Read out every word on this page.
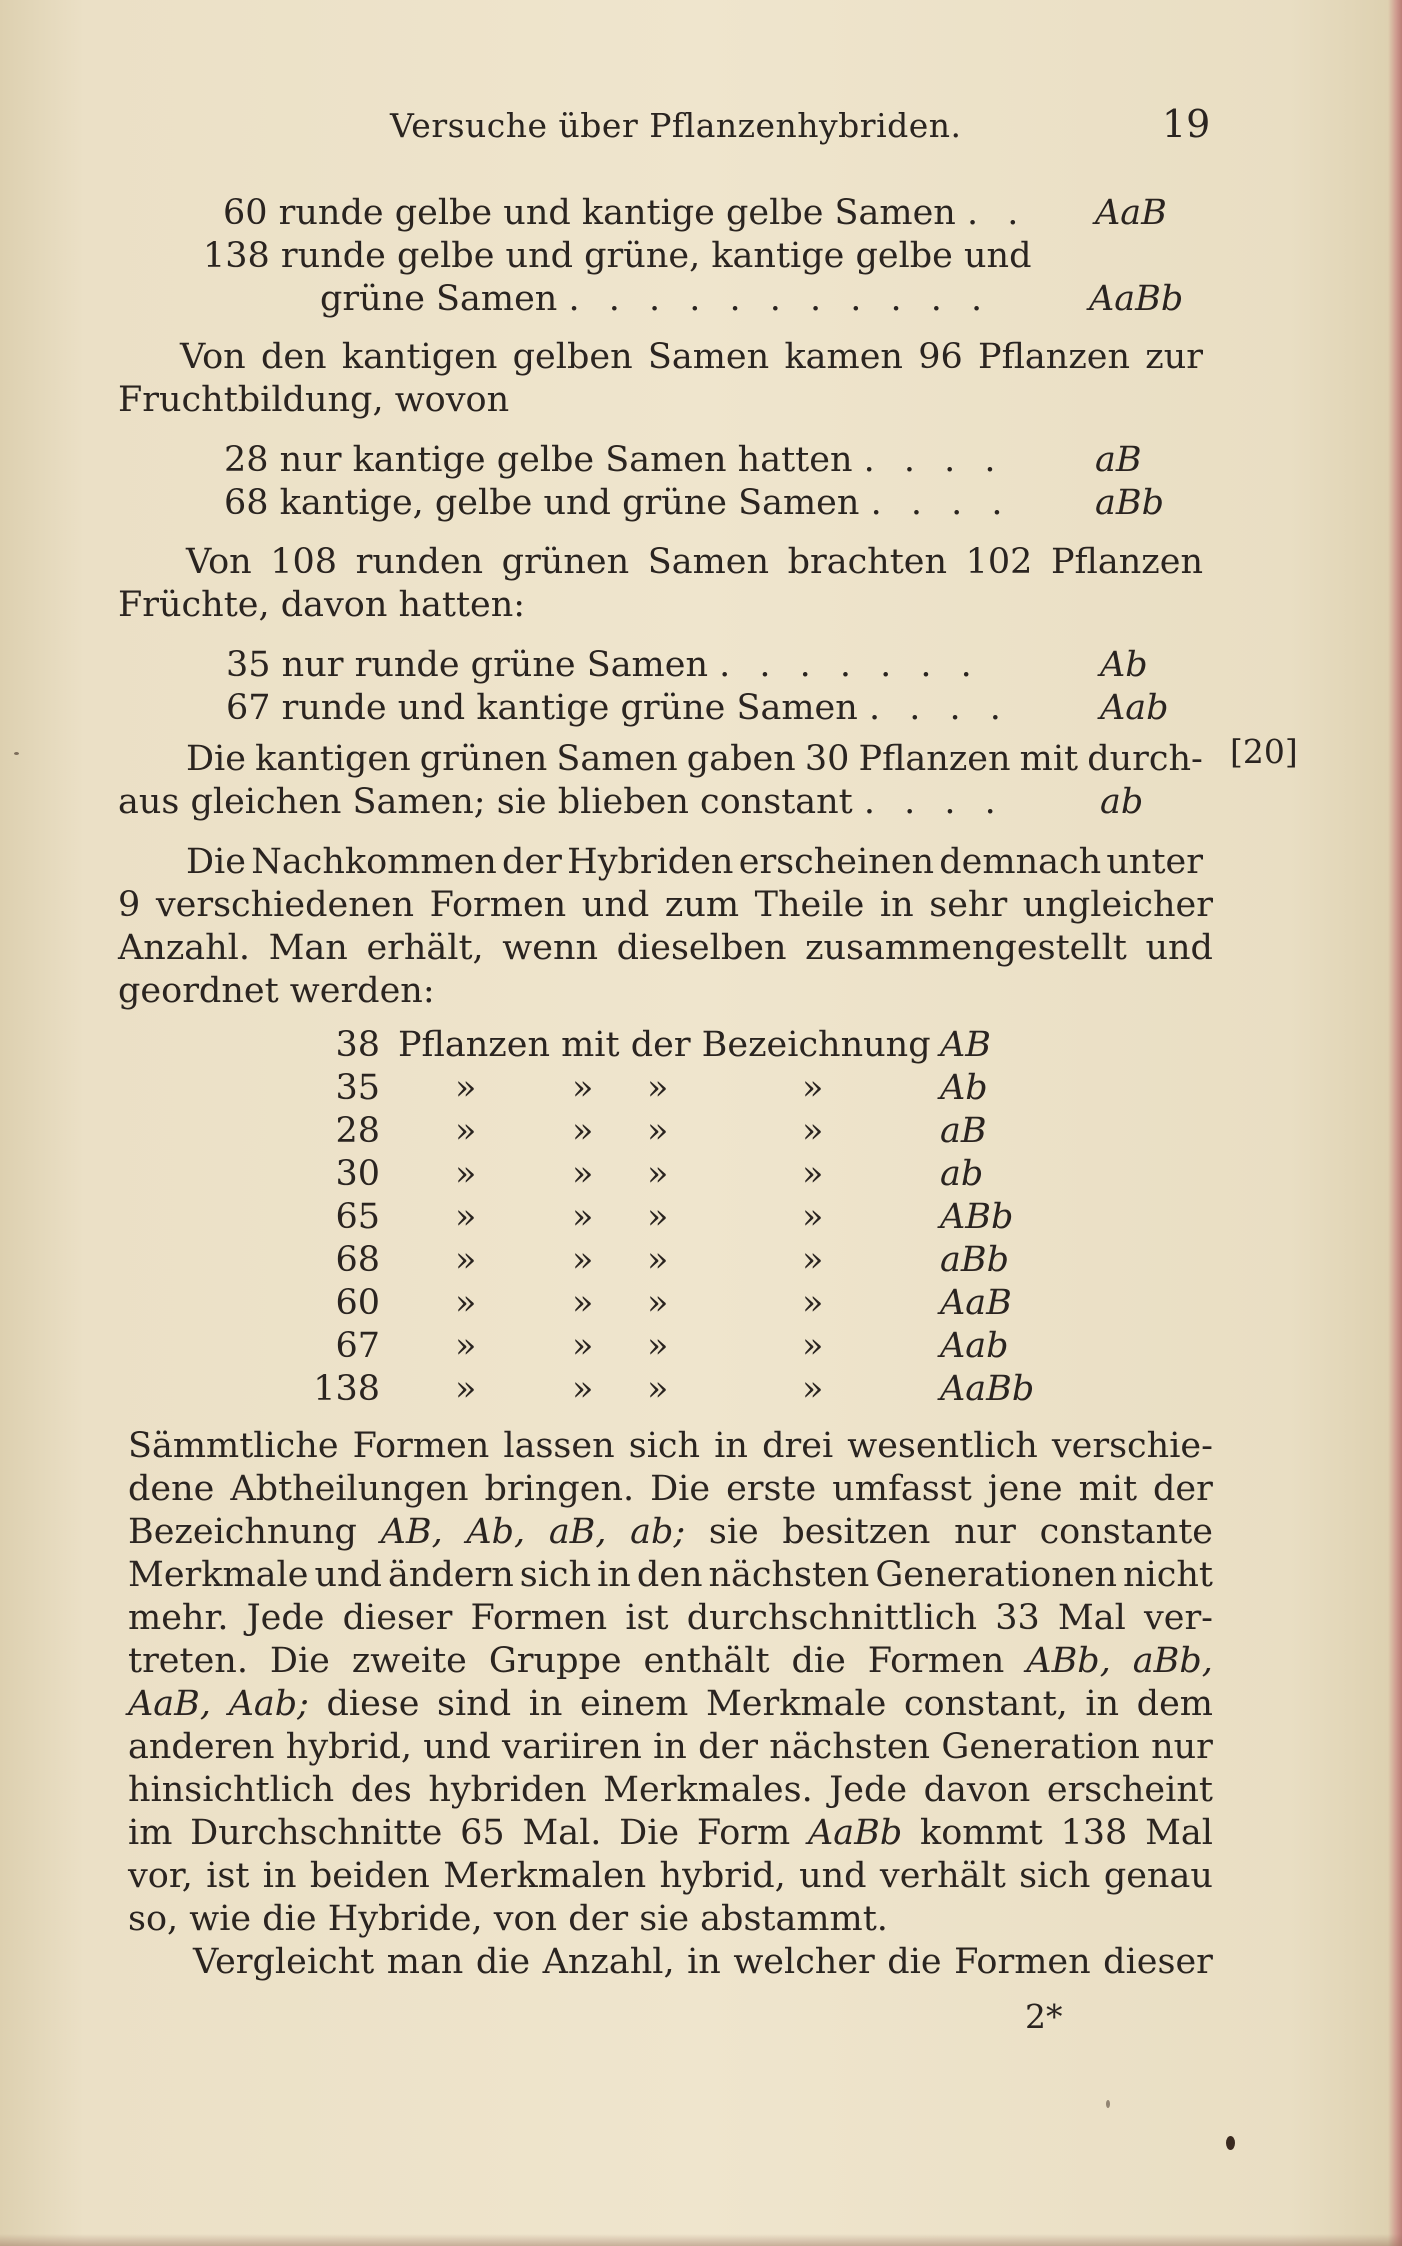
Versuche über Pflanzenhybriden.	19
60 runde gelbe und kantige gelbe Samen . . AaB
138 runde gelbe und grüne, kantige gelbe und
grüne Samen . . . . . . . . . . .	AaBb
Von den kantigen gelben Samen kamen 96 Pflanzen zur
Fruchtbildung, wovon
28 nur kantige gelbe Samen hatten . . . .	aB
68 kantige, gelbe und grüne Samen . . . . aBb
Von 108 runden grünen Samen brachten 102 Pflanzen
Früchte, davon hatten:
35 nur runde grüne Samen . . . . . . .	Ab
67 runde und kantige grüne Samen . . . .	Aab
Die kantigen grünen Samen gaben 30 Pflanzen mit durch-
aus gleichen Samen; sie blieben constant . . . .	ab
[20]
Die Nachkommen der Hybriden erscheinen demnach unter
9 verschiedenen Formen und zum Theile in sehr ungleicher
Anzahl. Man erhält, wenn dieselben zusammengestellt und
geordnet werden:
38 Pflanzen mit der Bezeichnung AB
35 »	» »	»	Ab
28 »	» »	»	aB
30 »	» »	»	ab
65 »	» »	»	ABb
68 »	» »	»	aBb
60 »	» »	»	AaB
67 »	» »	»	Aab
138 »	» »	»	AaBb
Sämmtliche Formen lassen sich in drei wesentlich verschie-
dene Abtheilungen bringen. Die erste umfasst jene mit der
Bezeichnung AB, Ab, aB, ab; sie besitzen nur constante
Merkmale und ändern sich in den nächsten Generationen nicht
mehr. Jede dieser Formen ist durchschnittlich 33 Mal ver-
treten. Die zweite Gruppe enthält die Formen ABb, aBb,
AaB, Aab; diese sind in einem Merkmale constant, in dem
anderen hybrid, und variiren in der nächsten Generation nur
hinsichtlich des hybriden Merkmales. Jede davon erscheint
im Durchschnitte 65 Mal. Die Form AaBb kommt 138 Mal
vor, ist in beiden Merkmalen hybrid, und verhält sich genau
so, wie die Hybride, von der sie abstammt.
Vergleicht man die Anzahl, in welcher die Formen dieser
2*
